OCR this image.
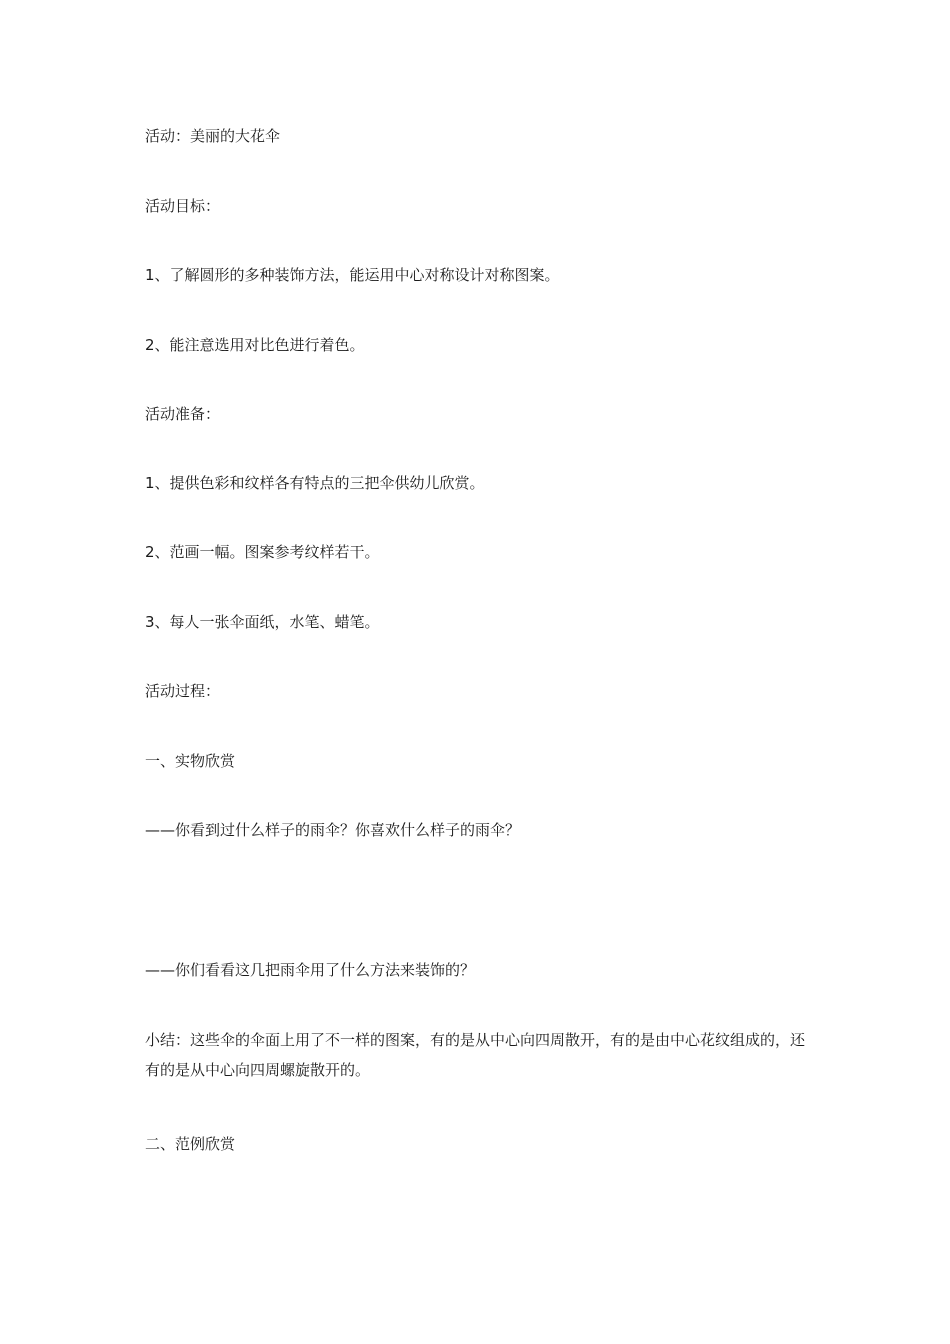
活动：美丽的大花伞
活动目标：
1、了解圆形的多种装饰方法，能运用中心对称设计对称图案。
2、能注意选用对比色进行着色。
活动准备：
1、提供色彩和纹样各有特点的三把伞供幼儿欣赏。
2、范画一幅。图案参考纹样若干。
3、每人一张伞面纸，水笔、蜡笔。
活动过程：
一、实物欣赏
——你看到过什么样子的雨伞？你喜欢什么样子的雨伞？
——你们看看这几把雨伞用了什么方法来装饰的？
小结：这些伞的伞面上用了不一样的图案，有的是从中心向四周散开，有的是由中心花纹组成的，还有的是从中心向四周螺旋散开的。
二、范例欣赏
